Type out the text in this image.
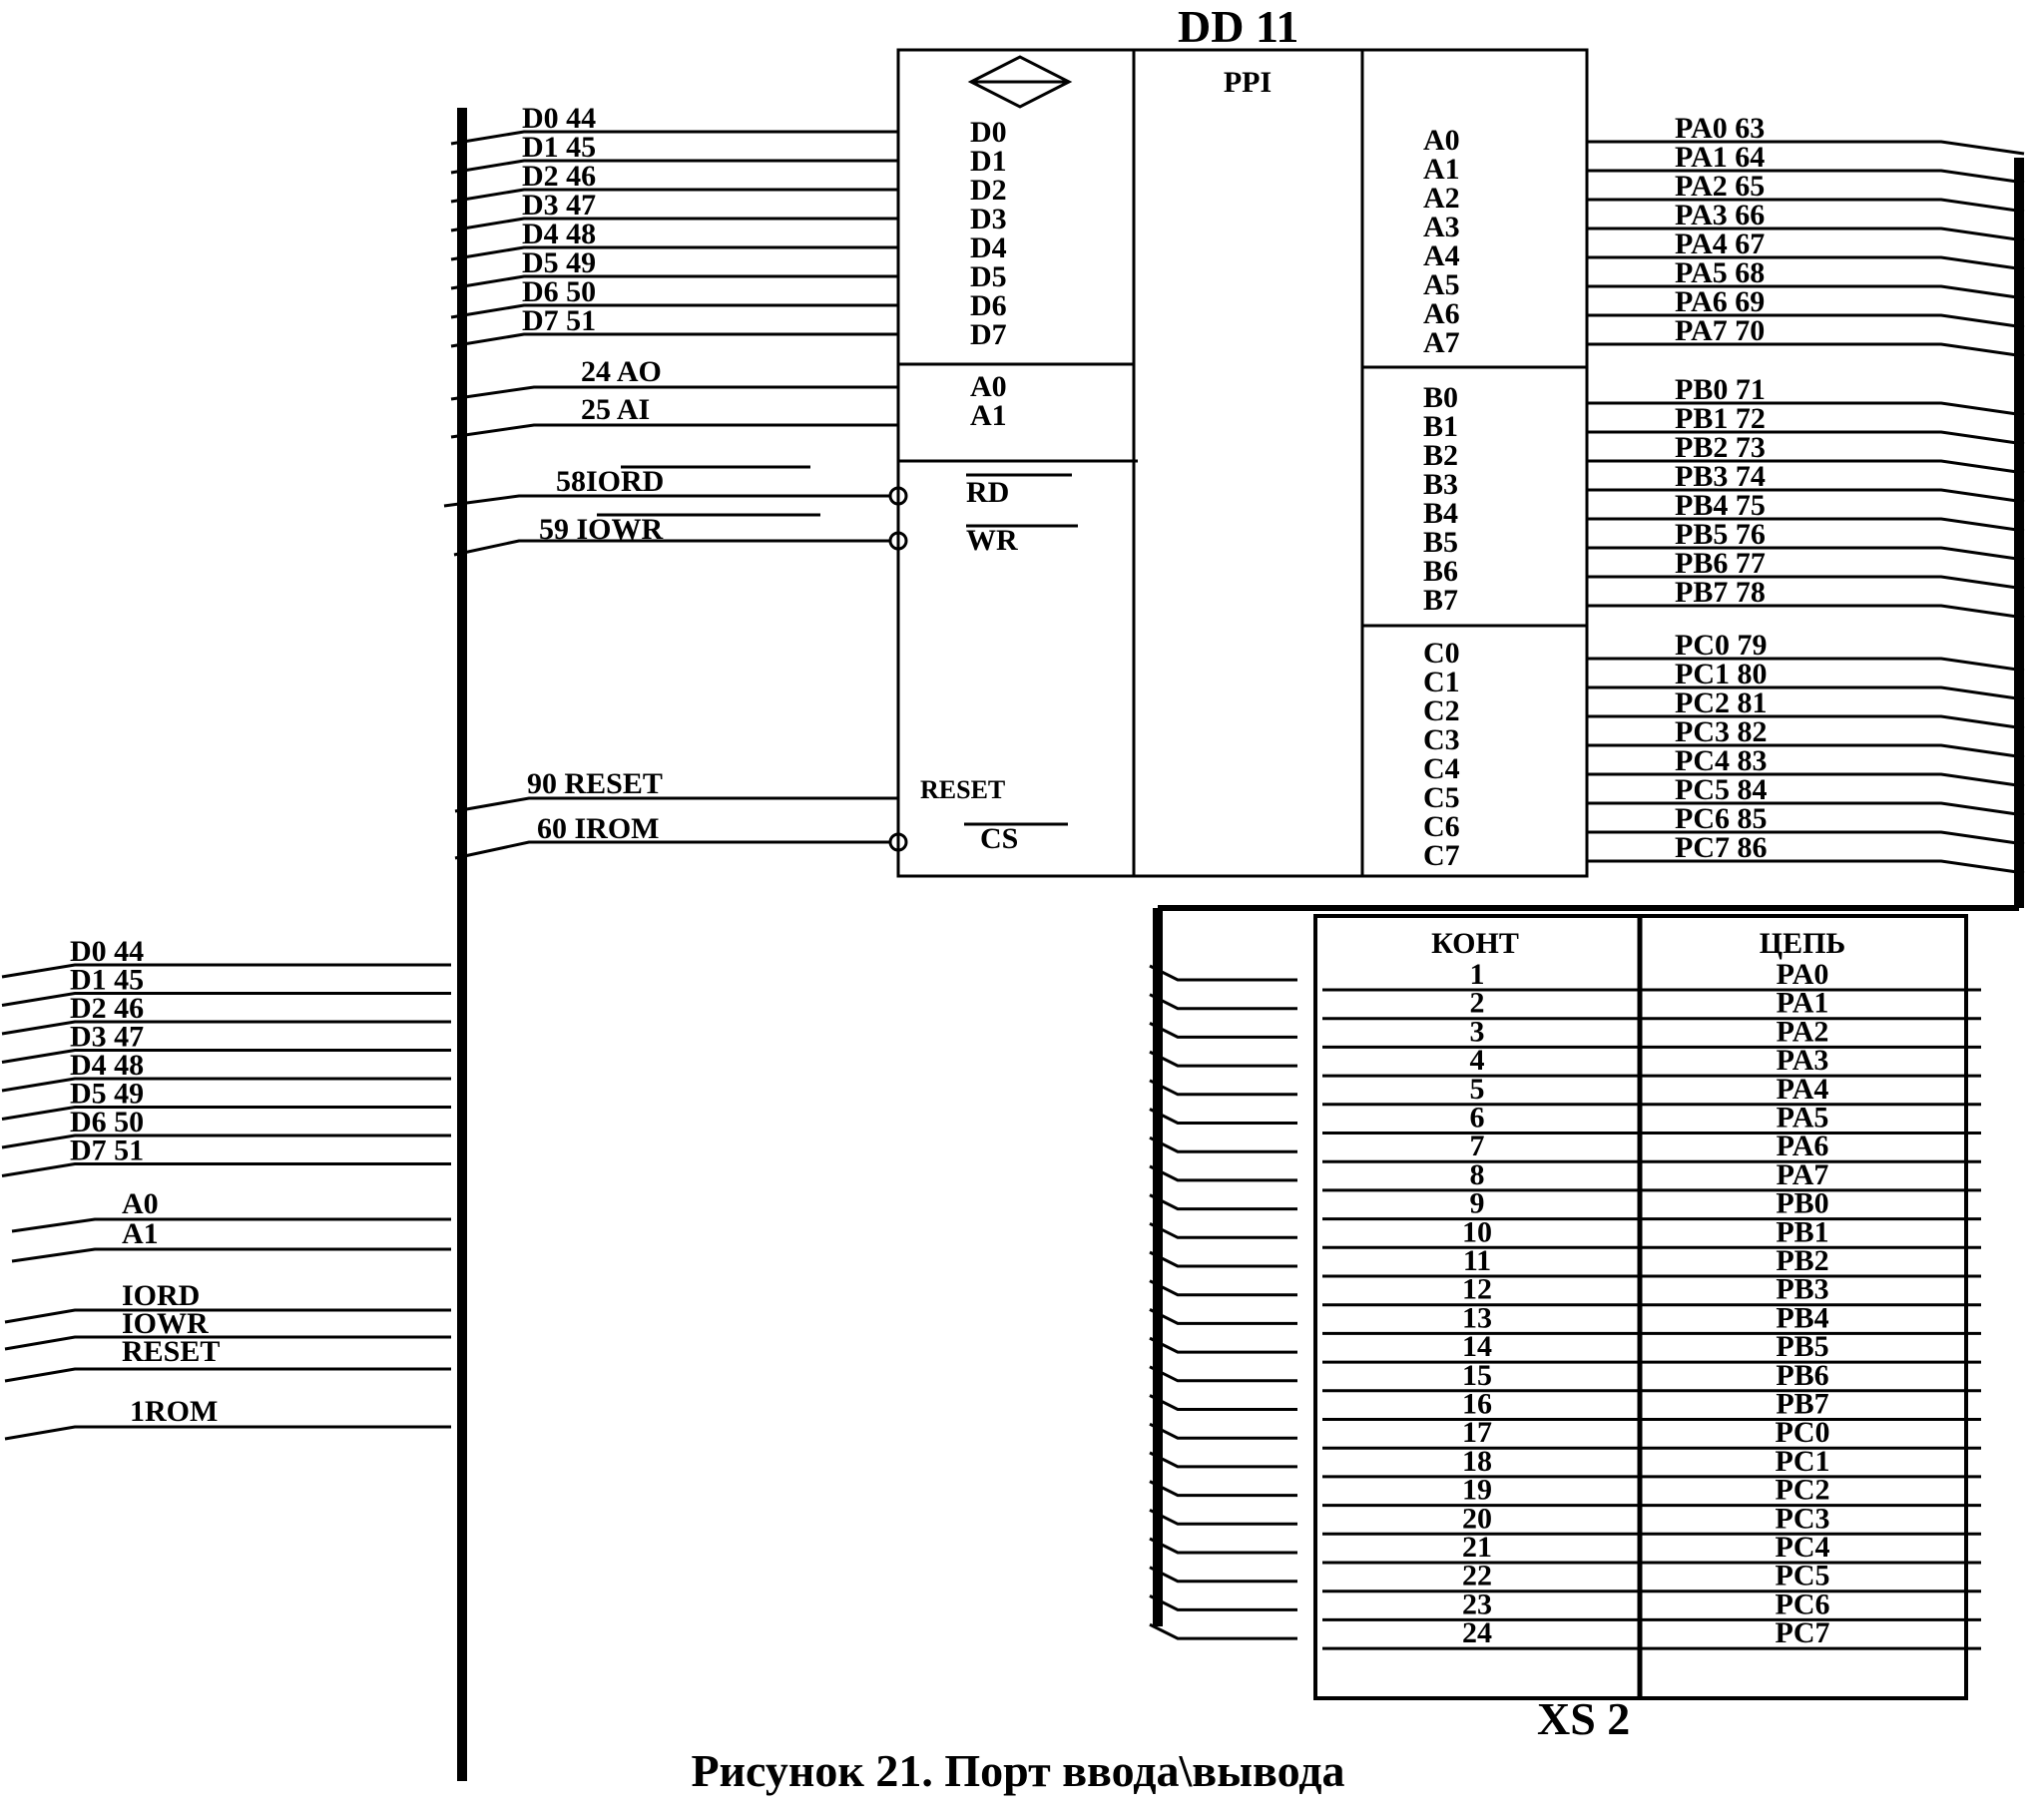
DD 11
PPI
D0
D1
D2
D3
D4
D5
D6
D7
A0
A1
RD
WR
RESET
CS
A0
A1
A2
A3
A4
A5
A6
A7
B0
B1
B2
B3
B4
B5
B6
B7
C0
C1
C2
C3
C4
C5
C6
C7
D0 44
D1 45
D2 46
D3 47
D4 48
D5 49
D6 50
D7 51
24 AO
25 AI
58IORD
59 IOWR
90 RESET
60 IROM
PA0 63
PA1 64
PA2 65
PA3 66
PA4 67
PA5 68
PA6 69
PA7 70
PB0 71
PB1 72
PB2 73
PB3 74
PB4 75
PB5 76
PB6 77
PB7 78
PC0 79
PC1 80
PC2 81
PC3 82
PC4 83
PC5 84
PC6 85
PC7 86
D0 44
D1 45
D2 46
D3 47
D4 48
D5 49
D6 50
D7 51
A0
A1
IORD
IOWR
RESET
1ROM
КОНТ	ЦЕПЬ
1	PA0
2	PA1
3	PA2
4	PA3
5	PA4
6	PA5
7	PA6
8	PA7
9	PB0
10	PB1
11	PB2
12	PB3
13	PB4
14	PB5
15	PB6
16	PB7
17	PC0
18	PC1
19	PC2
20	PC3
21	PC4
22	PC5
23	PC6
24	PC7
XS 2
Рисунок 21. Порт ввода\вывода
